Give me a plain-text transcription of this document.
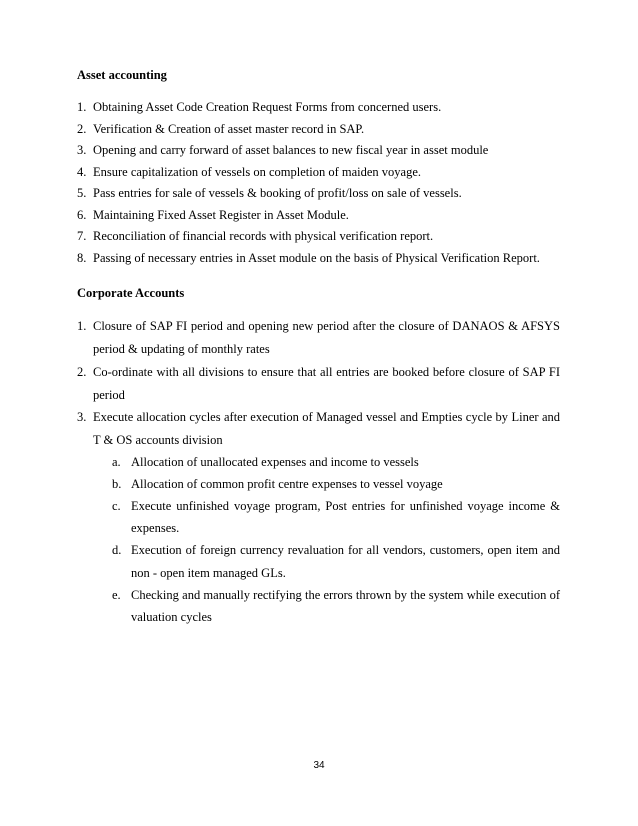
Asset accounting
1. Obtaining Asset Code Creation Request Forms from concerned users.
2. Verification & Creation of asset master record in SAP.
3. Opening and carry forward of asset balances to new fiscal year in asset module
4. Ensure capitalization of vessels on completion of maiden voyage.
5. Pass entries for sale of vessels & booking of profit/loss on sale of vessels.
6. Maintaining Fixed Asset Register in Asset Module.
7. Reconciliation of financial records with physical verification report.
8. Passing of necessary entries in Asset module on the basis of Physical Verification Report.
Corporate Accounts
1. Closure of SAP FI period and opening new period after the closure of DANAOS & AFSYS
period & updating of monthly rates
2. Co-ordinate with all divisions to ensure that all entries are booked before closure of SAP FI
period
3. Execute allocation cycles after execution of Managed vessel and Empties cycle by Liner and
T & OS accounts division
a. Allocation of unallocated expenses and income to vessels
b. Allocation of common profit centre expenses to vessel voyage
c. Execute unfinished voyage program, Post entries for unfinished voyage income &
expenses.
d. Execution of foreign currency revaluation for all vendors, customers, open item and
non - open item managed GLs.
e. Checking and manually rectifying the errors thrown by the system while execution of
valuation cycles
34
